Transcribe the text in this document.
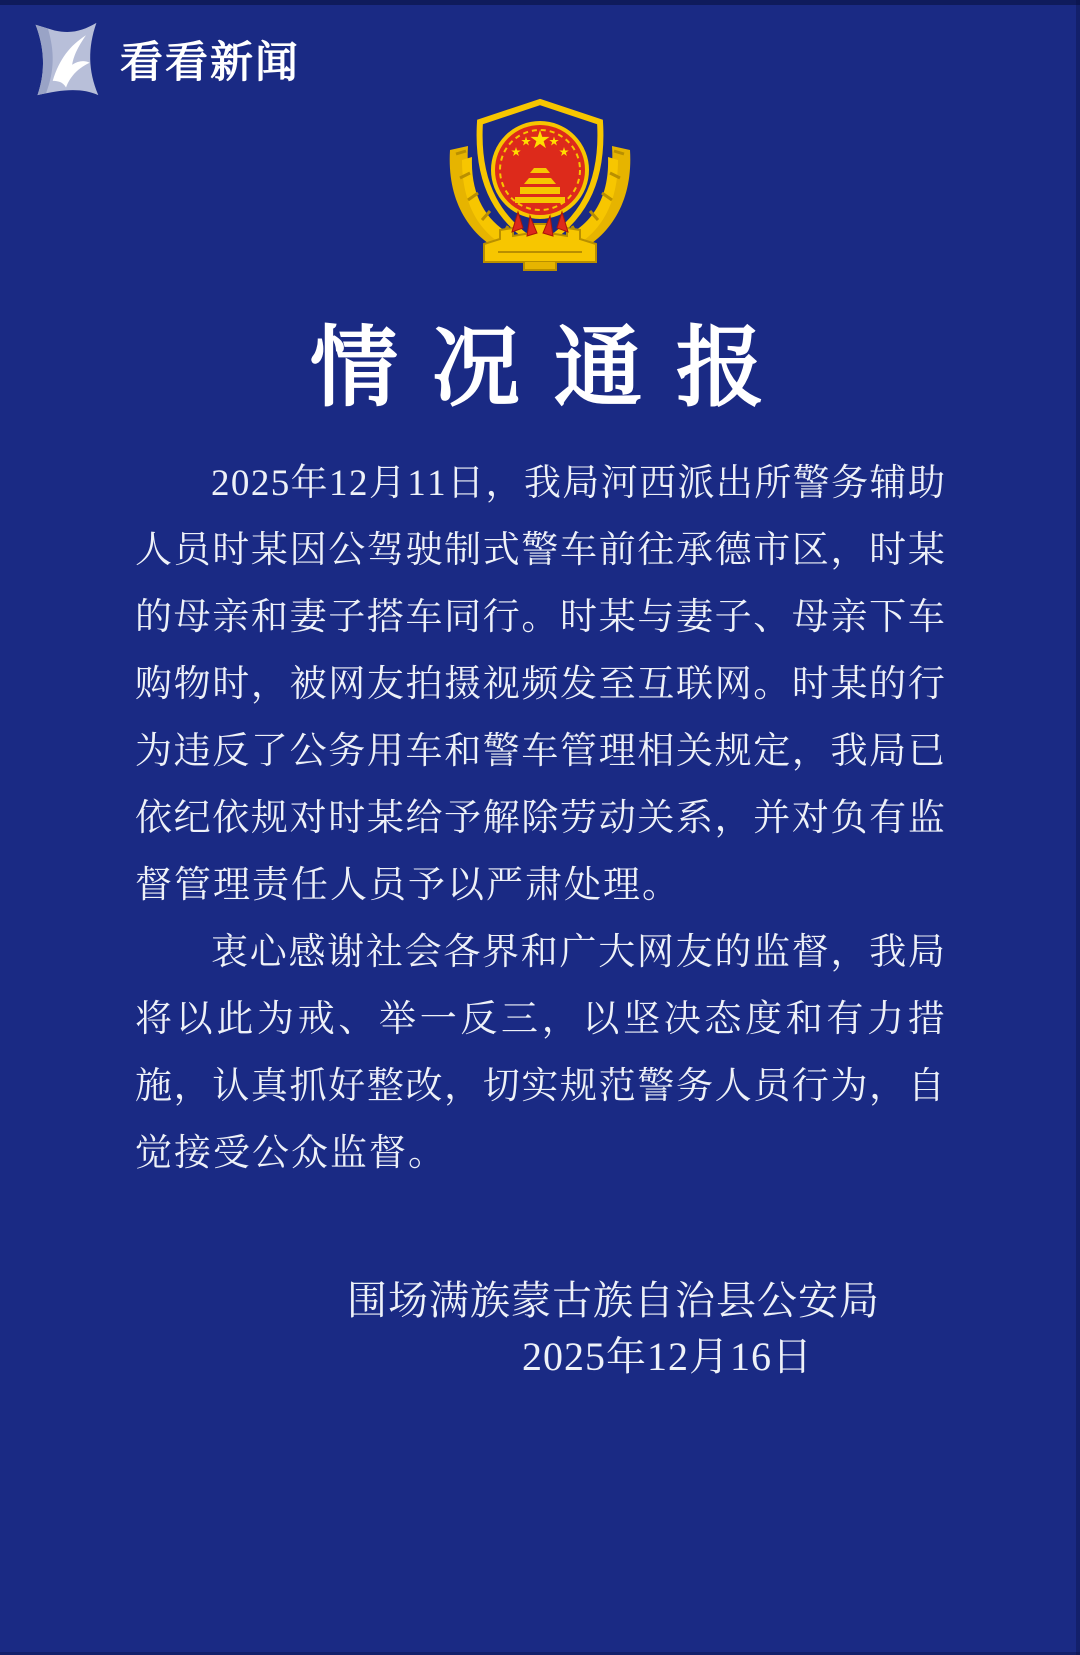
看看新闻
情 况 通 报

2 0 2 5 年 1 2 月 1 1 日 ， 我 局 河 西 派 出 所 警 务 辅 助

人 员 时 某 因 公 驾 驶 制 式 警 车 前 往 承 德 市 区 ， 时 某

的 母 亲 和 妻 子 搭 车 同 行 。 时 某 与 妻 子 、 母 亲 下 车

购 物 时 ， 被 网 友 拍 摄 视 频 发 至 互 联 网 。 时 某 的 行

为 违 反 了 公 务 用 车 和 警 车 管 理 相 关 规 定 ， 我 局 已

依 纪 依 规 对 时 某 给 予 解 除 劳 动 关 系 ， 并 对 负 有 监

督管理责任人员予以严肃处理。

衷 心 感 谢 社 会 各 界 和 广 大 网 友 的 监 督 ， 我 局

将 以 此 为 戒 、 举 一 反 三 ， 以 坚 决 态 度 和 有 力 措

施 ， 认 真 抓 好 整 改 ， 切 实 规 范 警 务 人 员 行 为 ， 自

觉接受公众监督。

围场满族蒙古族自治县公安局
2025年12月16日
